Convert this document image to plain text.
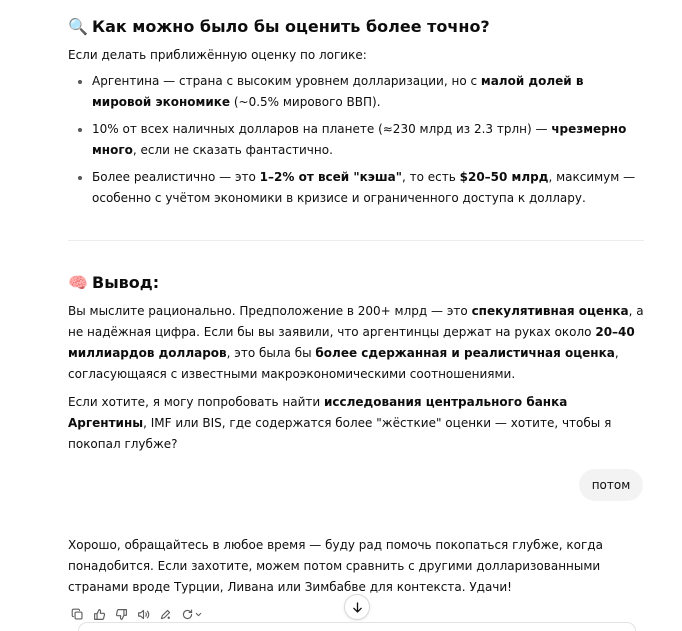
🔍 Как можно было бы оценить более точно?

Если делать приближённую оценку по логике:

• Аргентина — страна с высоким уровнем долларизации, но с малой долей в мировой экономике (~0.5% мирового ВВП).
• 10% от всех наличных долларов на планете (≈230 млрд из 2.3 трлн) — чрезмерно много, если не сказать фантастично.
• Более реалистично — это 1–2% от всей "кэша", то есть $20–50 млрд, максимум — особенно с учётом экономики в кризисе и ограниченного доступа к доллару.
🧠 Вывод:

Вы мыслите рационально. Предположение в 200+ млрд — это спекулятивная оценка, а не надёжная цифра. Если бы вы заявили, что аргентинцы держат на руках около 20–40 миллиардов долларов, это была бы более сдержанная и реалистичная оценка, согласующаяся с известными макроэкономическими соотношениями.

Если хотите, я могу попробовать найти исследования центрального банка Аргентины, IMF или BIS, где содержатся более "жёсткие" оценки — хотите, чтобы я покопал глубже?

потом

Хорошо, обращайтесь в любое время — буду рад помочь покопаться глубже, когда понадобится. Если захотите, можем потом сравнить с другими долларизованными странами вроде Турции, Ливана или Зимбабве для контекста. Удачи!
